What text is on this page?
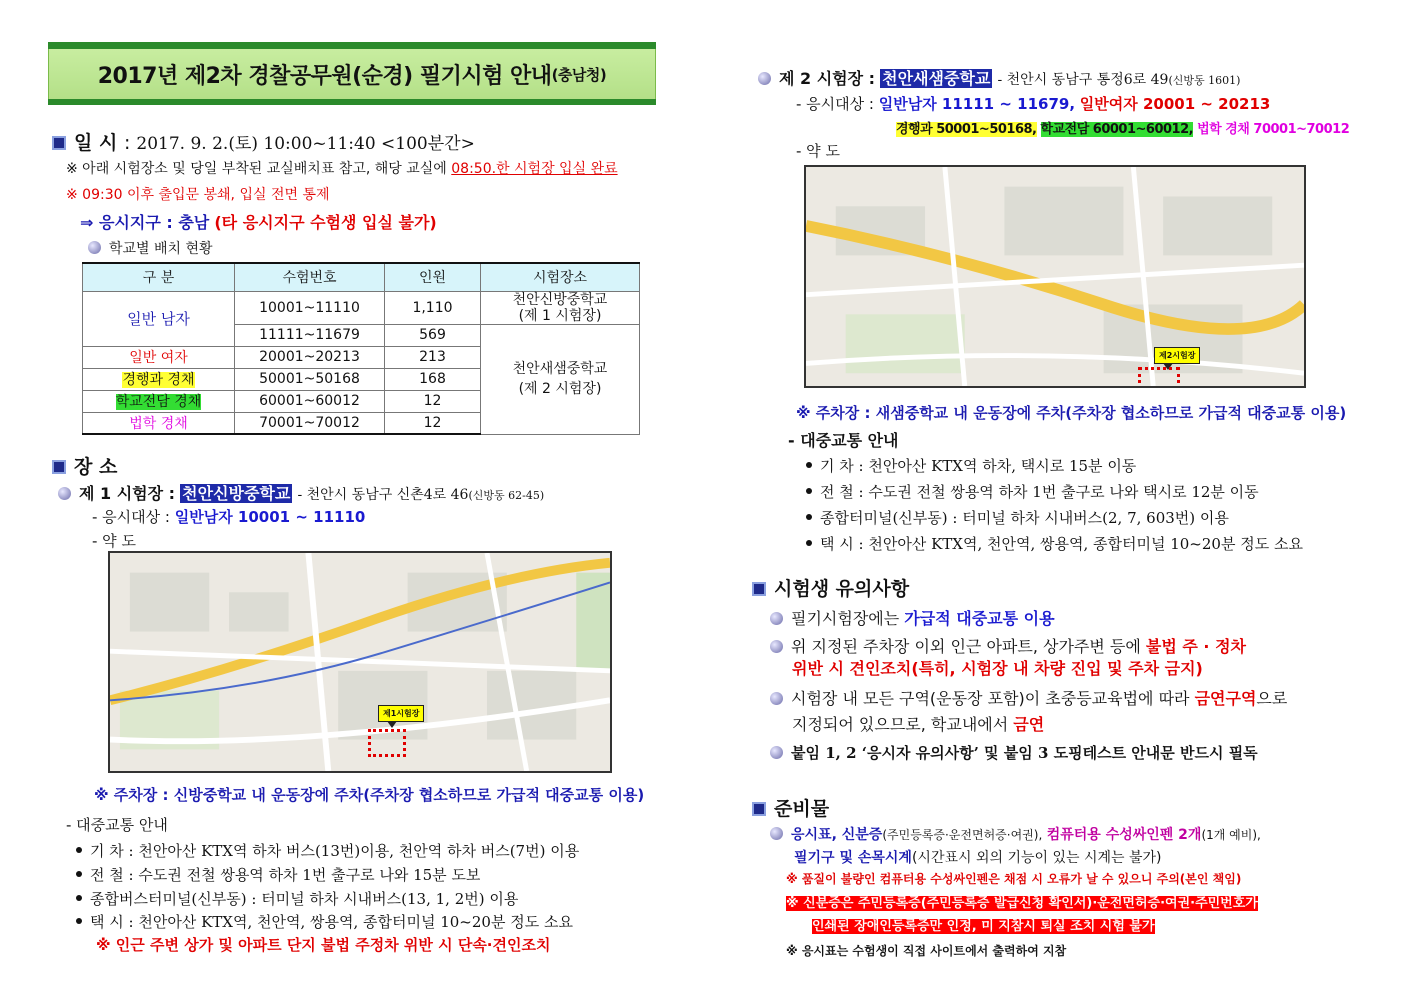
2017년 제2차 경찰공무원(순경) 필기시험 안내 (충남청)
일 시 : 2017. 9. 2.(토) 10:00~11:40 <100분간>
※ 아래 시험장소 및 당일 부착된 교실배치표 참고, 해당 교실에 08:50.한 시험장 입실 완료
※ 09:30 이후 출입문 봉쇄, 입실 전면 통제
⇒ 응시지구 : 충남 (타 응시지구 수험생 입실 불가)
학교별 배치 현황
구 분	수험번호	인원	시험장소
일반 남자	10001~11110	1,110	천안신방중학교
(제 1 시험장)

	11111~11679	569	천안새샘중학교
(제 2 시험장)

일반 여자	20001~20213	213	
경행과 경채	50001~50168	168	
학교전담 경채	60001~60012	12	
법학 경채	70001~70012	12	
장 소
제 1 시험장 : 천안신방중학교 - 천안시 동남구 신촌4로 46(신방동 62-45)
- 응시대상 : 일반남자 10001 ~ 11110
- 약 도
제1시험장
※ 주차장 : 신방중학교 내 운동장에 주차(주차장 협소하므로 가급적 대중교통 이용)
- 대중교통 안내
기 차 : 천안아산 KTX역 하차 버스(13번)이용, 천안역 하차 버스(7번) 이용
전 철 : 수도권 전철 쌍용역 하차 1번 출구로 나와 15분 도보
종합버스터미널(신부동) : 터미널 하차 시내버스(13, 1, 2번) 이용
택 시 : 천안아산 KTX역, 천안역, 쌍용역, 종합터미널 10~20분 정도 소요
※ 인근 주변 상가 및 아파트 단지 불법 주정차 위반 시 단속·견인조치
제 2 시험장 : 천안새샘중학교 - 천안시 동남구 통정6로 49(신방동 1601)
- 응시대상 : 일반남자 11111 ~ 11679, 일반여자 20001 ~ 20213
경행과 50001~50168, 학교전담 60001~60012, 법학 경채 70001~70012
- 약 도
제2시험장
※ 주차장 : 새샘중학교 내 운동장에 주차(주차장 협소하므로 가급적 대중교통 이용)
- 대중교통 안내
기 차 : 천안아산 KTX역 하차, 택시로 15분 이동
전 철 : 수도권 전철 쌍용역 하차 1번 출구로 나와 택시로 12분 이동
종합터미널(신부동) : 터미널 하차 시내버스(2, 7, 603번) 이용
택 시 : 천안아산 KTX역, 천안역, 쌍용역, 종합터미널 10~20분 정도 소요
시험생 유의사항
필기시험장에는 가급적 대중교통 이용
위 지정된 주차장 이외 인근 아파트, 상가주변 등에 불법 주 · 정차
위반 시 견인조치(특히, 시험장 내 차량 진입 및 주차 금지)
시험장 내 모든 구역(운동장 포함)이 초중등교육법에 따라 금연구역으로
지정되어 있으므로, 학교내에서 금연
붙임 1, 2 ‘응시자 유의사항’ 및 붙임 3 도핑테스트 안내문 반드시 필독
준비물
응시표, 신분증(주민등록증·운전면허증·여권), 컴퓨터용 수성싸인펜 2개(1개 예비),
필기구 및 손목시계(시간표시 외의 기능이 있는 시계는 불가)
※ 품질이 불량인 컴퓨터용 수성싸인펜은 채점 시 오류가 날 수 있으니 주의(본인 책임)
※ 신분증은 주민등록증(주민등록증 발급신청 확인서)·운전면허증·여권·주민번호가
인쇄된 장애인등록증만 인정, 미 지참시 퇴실 조치 시험 불가
※ 응시표는 수험생이 직접 사이트에서 출력하여 지참
